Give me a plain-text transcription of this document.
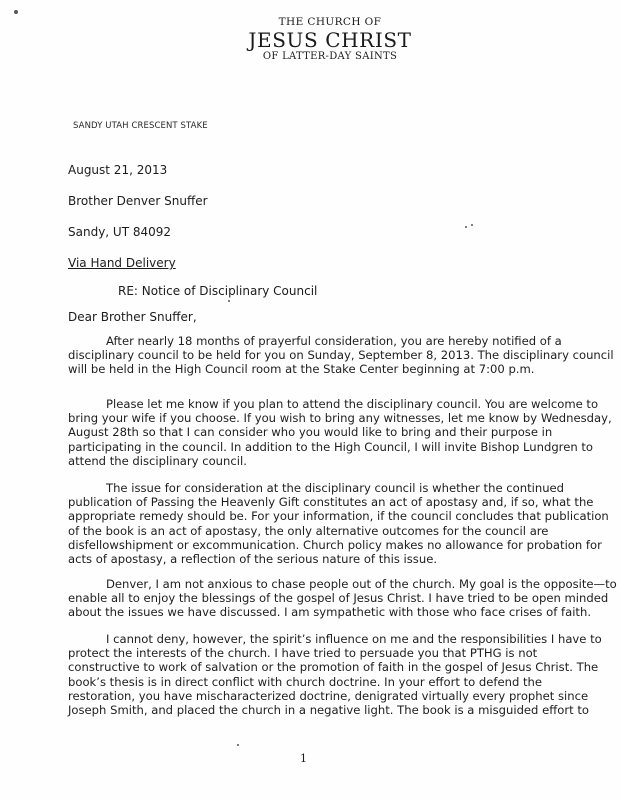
THE CHURCH OF
JESUS CHRIST
OF LATTER-DAY SAINTS
SANDY UTAH CRESCENT STAKE
August 21, 2013
Brother Denver Snuffer
Sandy, UT 84092
Via Hand Delivery
RE: Notice of Disciplinary Council
Dear Brother Snuffer,
After nearly 18 months of prayerful consideration, you are hereby notified of a
disciplinary council to be held for you on Sunday, September 8, 2013. The disciplinary council
will be held in the High Council room at the Stake Center beginning at 7:00 p.m.
Please let me know if you plan to attend the disciplinary council. You are welcome to
bring your wife if you choose. If you wish to bring any witnesses, let me know by Wednesday,
August 28th so that I can consider who you would like to bring and their purpose in
participating in the council. In addition to the High Council, I will invite Bishop Lundgren to
attend the disciplinary council.
The issue for consideration at the disciplinary council is whether the continued
publication of Passing the Heavenly Gift constitutes an act of apostasy and, if so, what the
appropriate remedy should be. For your information, if the council concludes that publication
of the book is an act of apostasy, the only alternative outcomes for the council are
disfellowshipment or excommunication. Church policy makes no allowance for probation for
acts of apostasy, a reflection of the serious nature of this issue.
Denver, I am not anxious to chase people out of the church. My goal is the opposite—to
enable all to enjoy the blessings of the gospel of Jesus Christ. I have tried to be open minded
about the issues we have discussed. I am sympathetic with those who face crises of faith.
I cannot deny, however, the spirit’s influence on me and the responsibilities I have to
protect the interests of the church. I have tried to persuade you that PTHG is not
constructive to work of salvation or the promotion of faith in the gospel of Jesus Christ. The
book’s thesis is in direct conflict with church doctrine. In your effort to defend the
restoration, you have mischaracterized doctrine, denigrated virtually every prophet since
Joseph Smith, and placed the church in a negative light. The book is a misguided effort to
1
